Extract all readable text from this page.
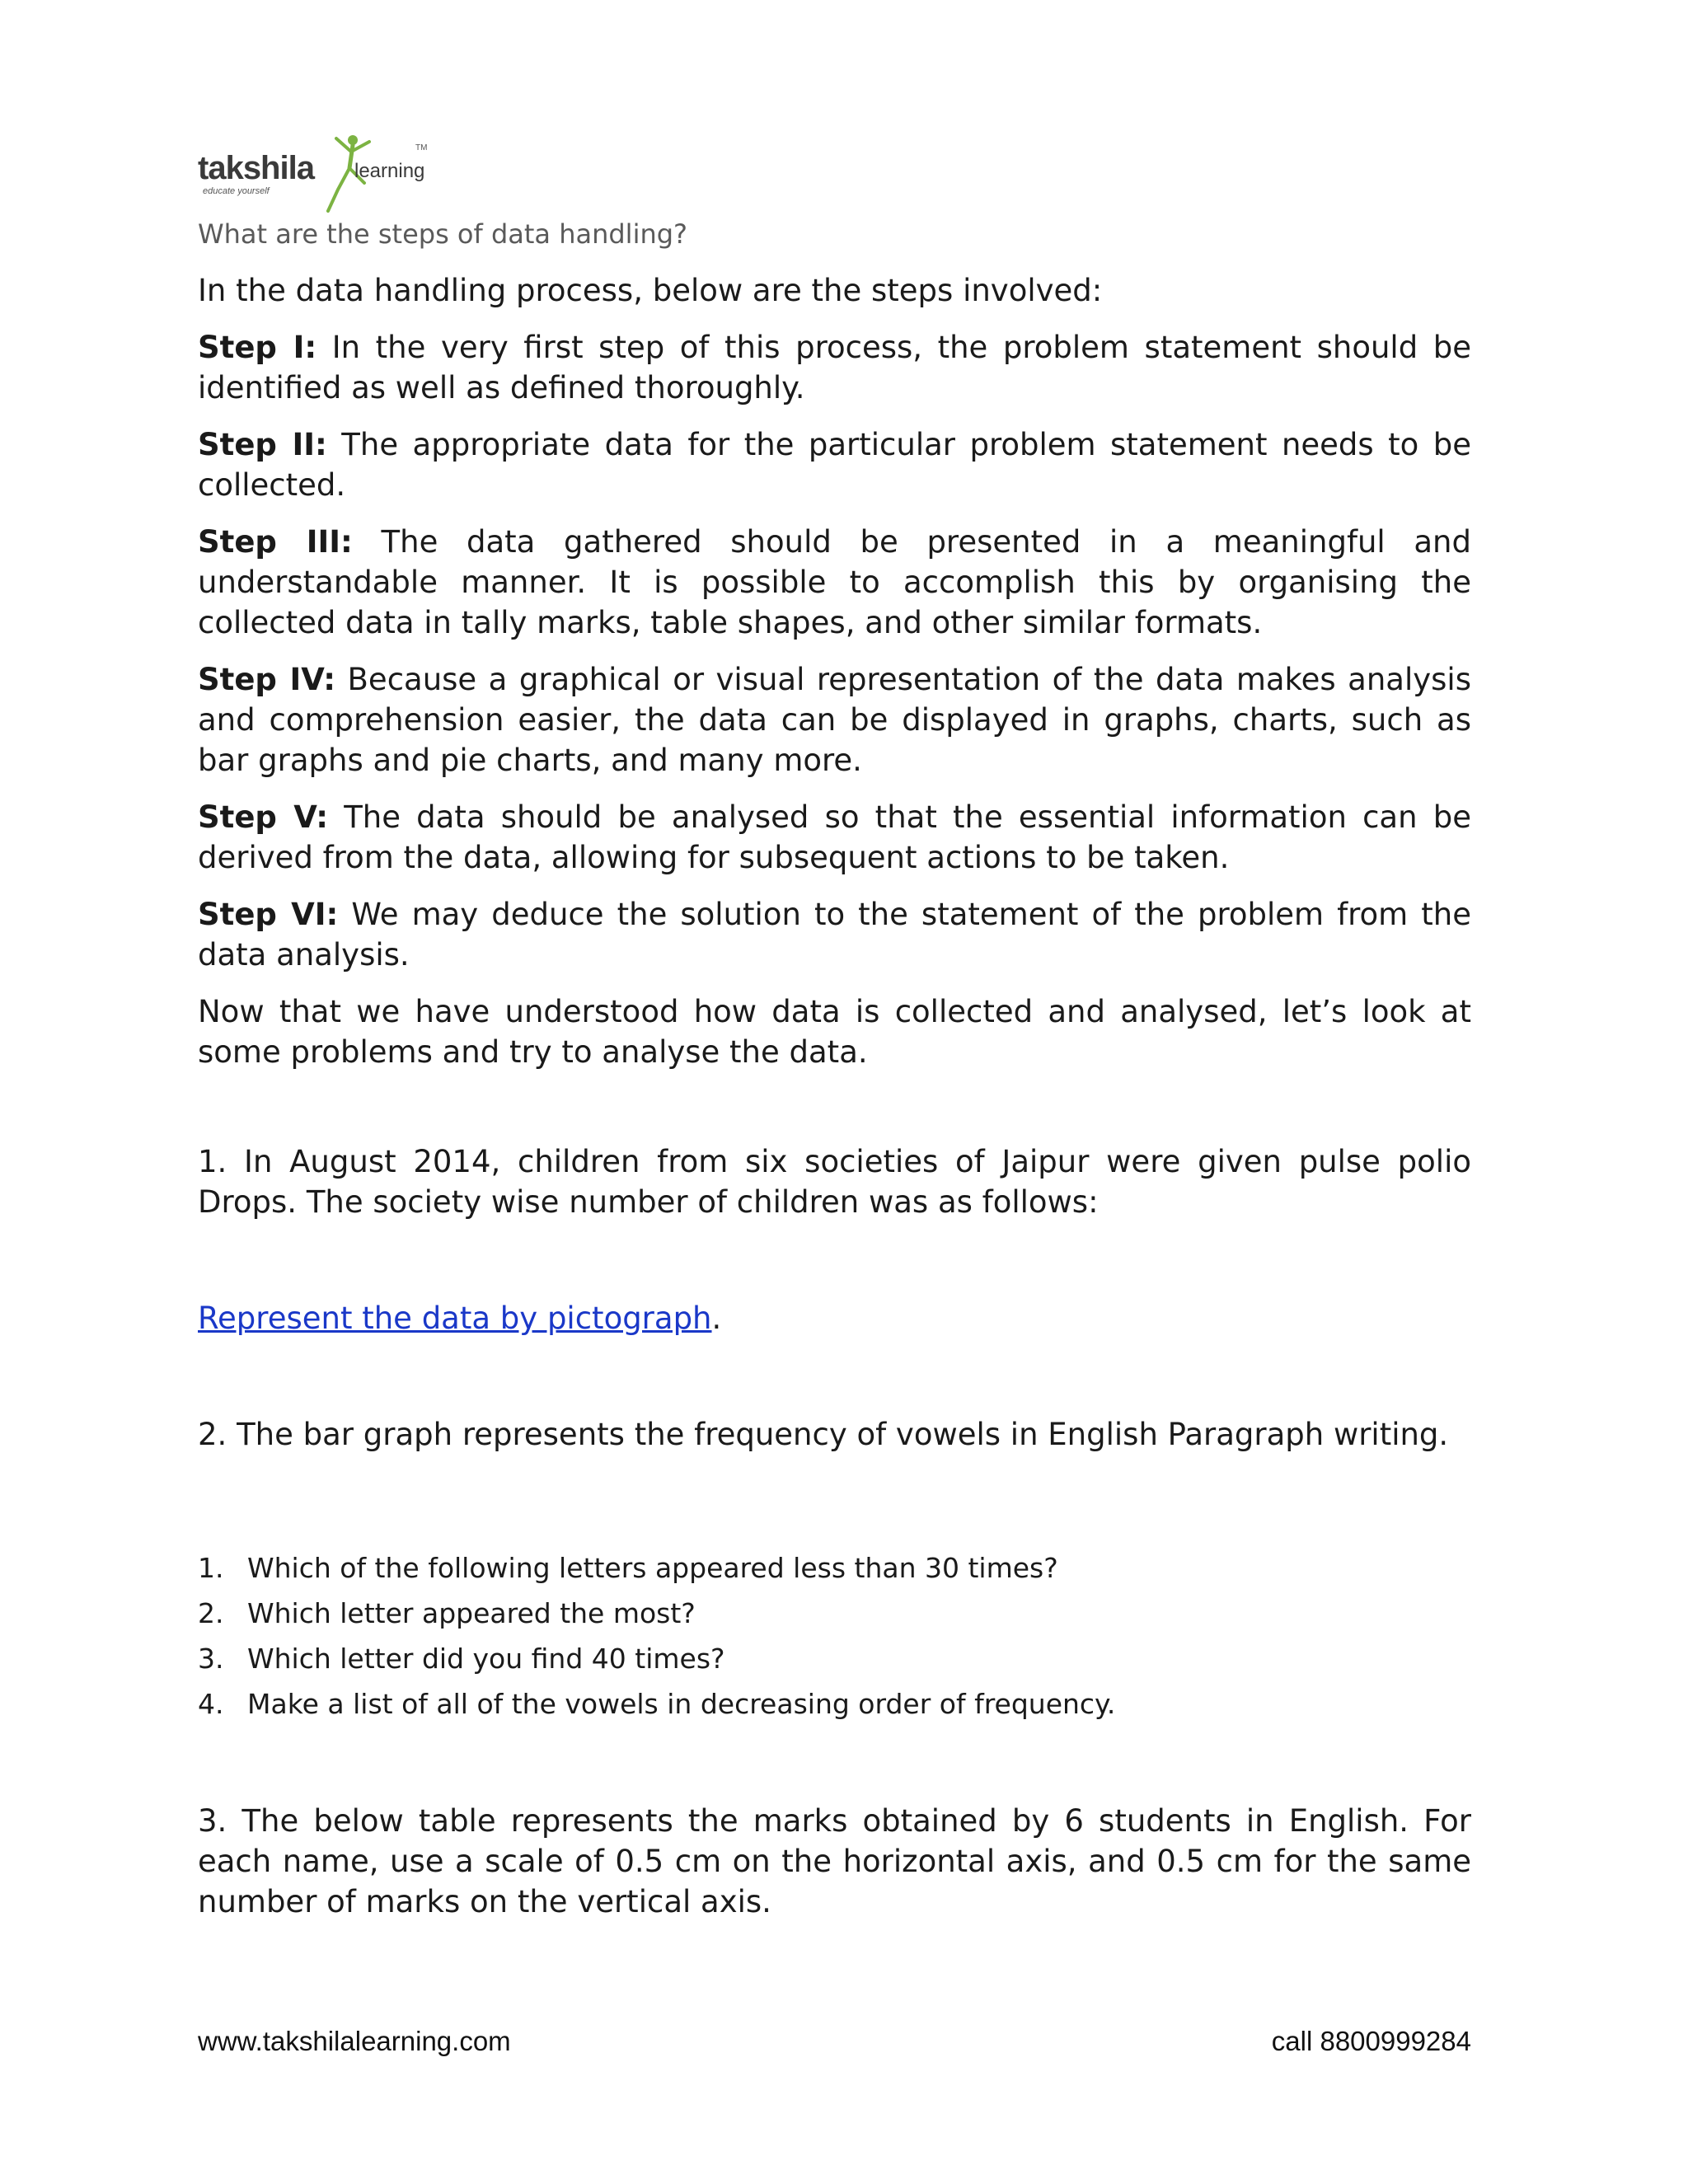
takshila learning
TM
educate yourself

What are the steps of data handling?

In the data handling process, below are the steps involved:

Step I: In the very first step of this process, the problem statement should be identified as well as defined thoroughly.

Step II: The appropriate data for the particular problem statement needs to be collected.

Step III: The data gathered should be presented in a meaningful and understandable manner. It is possible to accomplish this by organising the collected data in tally marks, table shapes, and other similar formats.

Step IV: Because a graphical or visual representation of the data makes analysis and comprehension easier, the data can be displayed in graphs, charts, such as bar graphs and pie charts, and many more.

Step V: The data should be analysed so that the essential information can be derived from the data, allowing for subsequent actions to be taken.

Step VI: We may deduce the solution to the statement of the problem from the data analysis.

Now that we have understood how data is collected and analysed, let’s look at some problems and try to analyse the data.

1. In August 2014, children from six societies of Jaipur were given pulse polio Drops. The society wise number of children was as follows:

Represent the data by pictograph.

2. The bar graph represents the frequency of vowels in English Paragraph writing.

1. Which of the following letters appeared less than 30 times?
2. Which letter appeared the most?
3. Which letter did you find 40 times?
4. Make a list of all of the vowels in decreasing order of frequency.

3. The below table represents the marks obtained by 6 students in English. For each name, use a scale of 0.5 cm on the horizontal axis, and 0.5 cm for the same number of marks on the vertical axis.

www.takshilalearning.com	call 8800999284
